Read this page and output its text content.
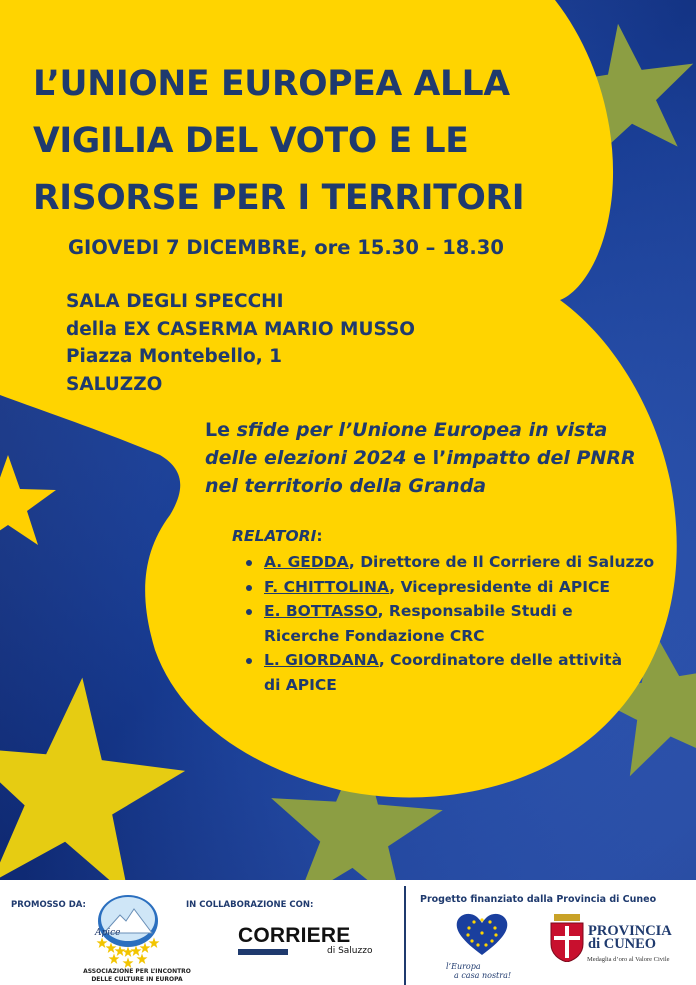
L’UNIONE EUROPEA ALLA
VIGILIA DEL VOTO E LE
RISORSE PER I TERRITORI
GIOVEDI 7 DICEMBRE, ore 15.30 – 18.30
SALA DEGLI SPECCHI
della EX CASERMA MARIO MUSSO
Piazza Montebello, 1
SALUZZO
Le sfide per l’Unione Europea in vista
delle elezioni 2024 e l’impatto del PNRR
nel territorio della Granda
RELATORI:
A. GEDDA, Direttore de Il Corriere di Saluzzo
F. CHITTOLINA, Vicepresidente di APICE
E. BOTTASSO, Responsabile Studi e
Ricerche Fondazione CRC
L. GIORDANA, Coordinatore delle attività
di APICE
PROMOSSO DA:	IN COLLABORAZIONE CON:	Progetto finanziato dalla Provincia di Cuneo
Apice
ASSOCIAZIONE PER L’INCONTRO
DELLE CULTURE IN EUROPA
CORRIERE
di Saluzzo
l’Europa
a casa nostra!
PROVINCIA
di CUNEO
Medaglia d’oro al Valore Civile
